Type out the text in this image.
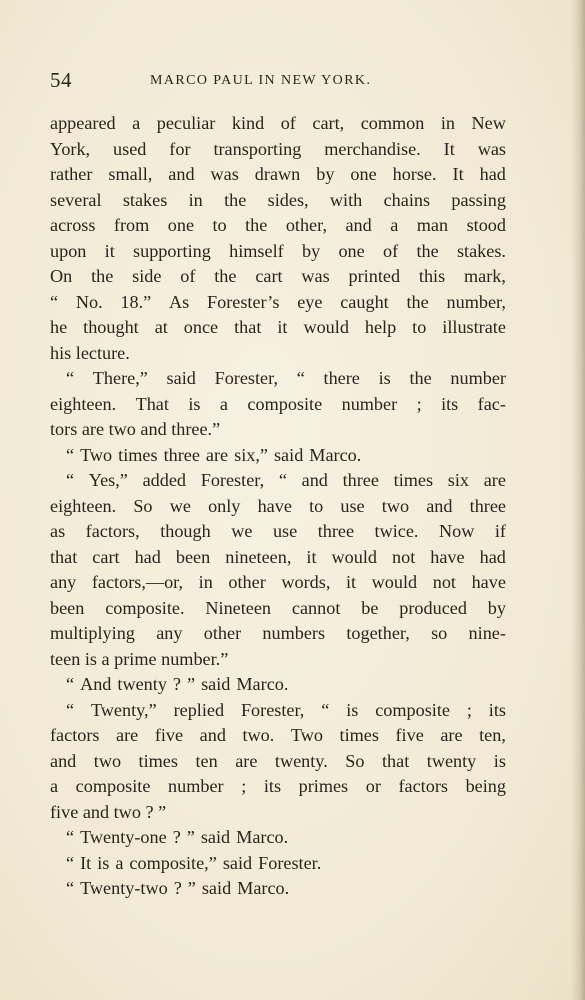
54	MARCO PAUL IN NEW YORK.
appeared a peculiar kind of cart, common in New
York, used for transporting merchandise. It was
rather small, and was drawn by one horse. It had
several stakes in the sides, with chains passing
across from one to the other, and a man stood
upon it supporting himself by one of the stakes.
On the side of the cart was printed this mark,
“ No. 18.” As Forester’s eye caught the number,
he thought at once that it would help to illustrate
his lecture.
“ There,” said Forester, “ there is the number
eighteen. That is a composite number ; its fac-
tors are two and three.”
“ Two times three are six,” said Marco.
“ Yes,” added Forester, “ and three times six are
eighteen. So we only have to use two and three
as factors, though we use three twice. Now if
that cart had been nineteen, it would not have had
any factors,—or, in other words, it would not have
been composite. Nineteen cannot be produced by
multiplying any other numbers together, so nine-
teen is a prime number.”
“ And twenty ? ” said Marco.
“ Twenty,” replied Forester, “ is composite ; its
factors are five and two. Two times five are ten,
and two times ten are twenty. So that twenty is
a composite number ; its primes or factors being
five and two ? ”
“ Twenty-one ? ” said Marco.
“ It is a composite,” said Forester.
“ Twenty-two ? ” said Marco.
